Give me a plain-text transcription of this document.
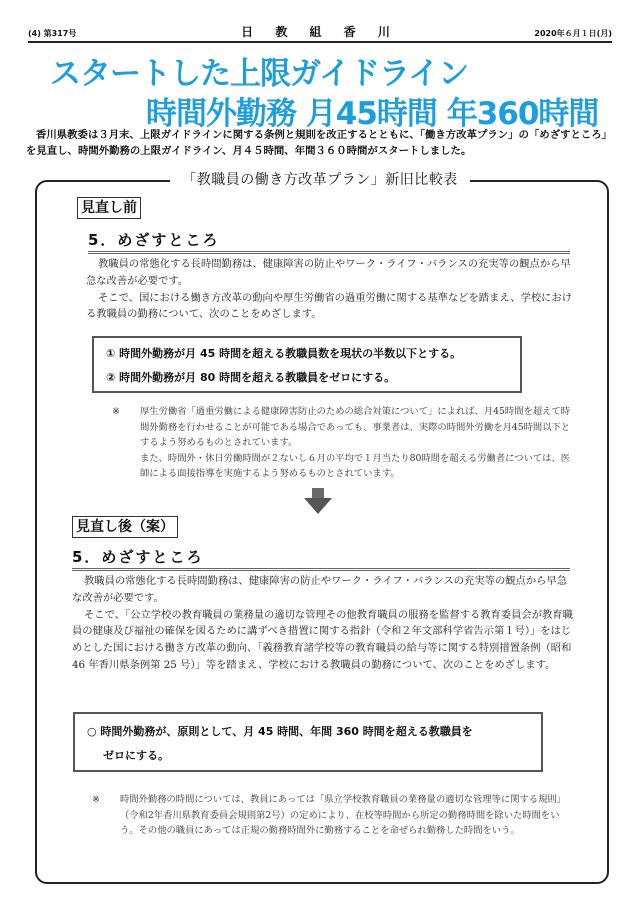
(4) 第317号	日 教 組 香 川	2020年６月１日(月)
スタートした上限ガイドライン
時間外勤務 月45時間 年360時間
香川県教委は３月末、上限ガイドラインに関する条例と規則を改正するとともに、「働き方改革プラン」の「めざすところ」を見直し、時間外勤務の上限ガイドライン、月４５時間、年間３６０時間がスタートしました。
「教職員の働き方改革プラン」新旧比較表
見直し前
5．めざすところ

教職員の常態化する長時間勤務は、健康障害の防止やワーク・ライフ・バランスの充実等の観点から早急な改善が必要です。

そこで、国における働き方改革の動向や厚生労働省の過重労働に関する基準などを踏まえ、学校における教職員の勤務について、次のことをめざします。

① 時間外勤務が月 45 時間を超える教職員数を現状の半数以下とする。
② 時間外勤務が月 80 時間を超える教職員をゼロにする。
※ 厚生労働省「過重労働による健康障害防止のための総合対策について」によれば、月45時間を超えて時間外勤務を行わせることが可能である場合であっても、事業者は、実際の時間外労働を月45時間以下とするよう努めるものとされています。
また、時間外・休日労働時間が２ないし６月の平均で１月当たり80時間を超える労働者については、医師による面接指導を実施するよう努めるものとされています。
見直し後（案）
5．めざすところ

教職員の常態化する長時間勤務は、健康障害の防止やワーク・ライフ・バランスの充実等の観点から早急な改善が必要です。

そこで、「公立学校の教育職員の業務量の適切な管理その他教育職員の服務を監督する教育委員会が教育職員の健康及び福祉の確保を図るために講ずべき措置に関する指針（令和２年文部科学省告示第１号）」をはじめとした国における働き方改革の動向、「義務教育諸学校等の教育職員の給与等に関する特別措置条例（昭和 46 年香川県条例第 25 号）」等を踏まえ、学校における教職員の勤務について、次のことをめざします。

○ 時間外勤務が、原則として、月 45 時間、年間 360 時間を超える教職員を
ゼロにする。
※ 時間外勤務の時間については、教員にあっては「県立学校教育職員の業務量の適切な管理等に関する規則」（令和2年香川県教育委員会規則第2号）の定めにより、在校等時間から所定の勤務時間を除いた時間をいう。その他の職員にあっては正規の勤務時間外に勤務することを命ぜられ勤務した時間をいう。
